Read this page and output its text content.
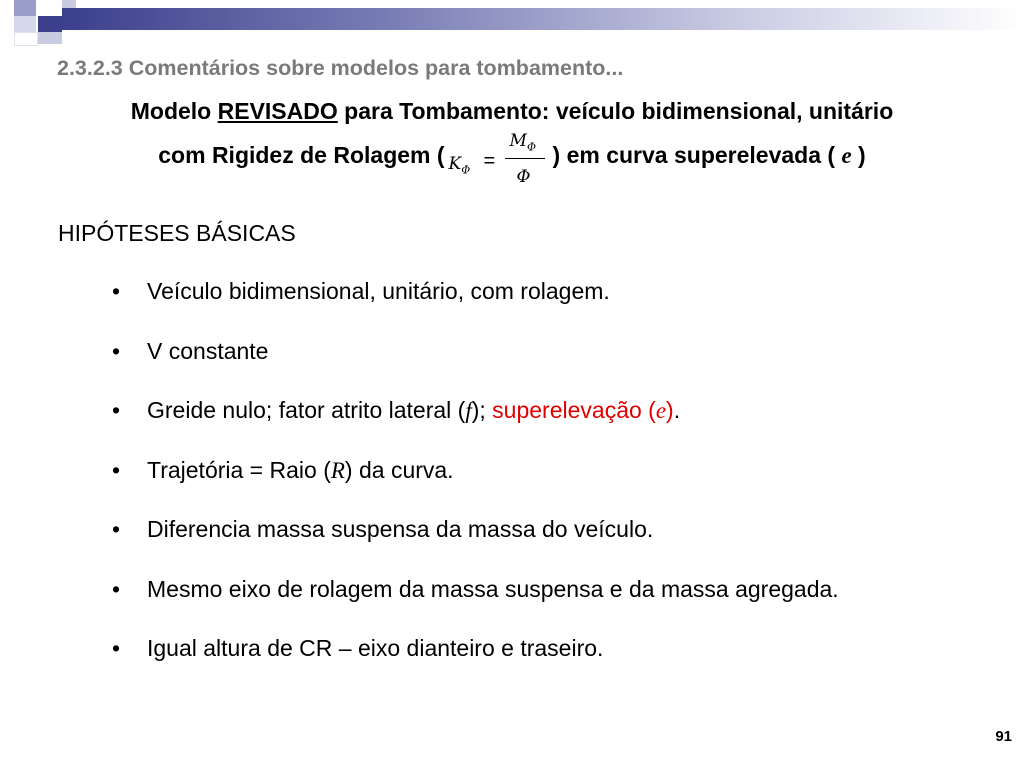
2.3.2.3 Comentários sobre modelos para tombamento...
Modelo REVISADO para Tombamento: veículo bidimensional, unitário
com Rigidez de Rolagem ( $K_\Phi$ =
$M_\Phi$
Φ
) em curva superelevada ( e )
HIPÓTESES BÁSICAS
• Veículo bidimensional, unitário, com rolagem.
• V constante
• Greide nulo; fator atrito lateral (f); superelevação (e).
• Trajetória = Raio (R) da curva.
• Diferencia massa suspensa da massa do veículo.
• Mesmo eixo de rolagem da massa suspensa e da massa agregada.
• Igual altura de CR – eixo dianteiro e traseiro.
91
